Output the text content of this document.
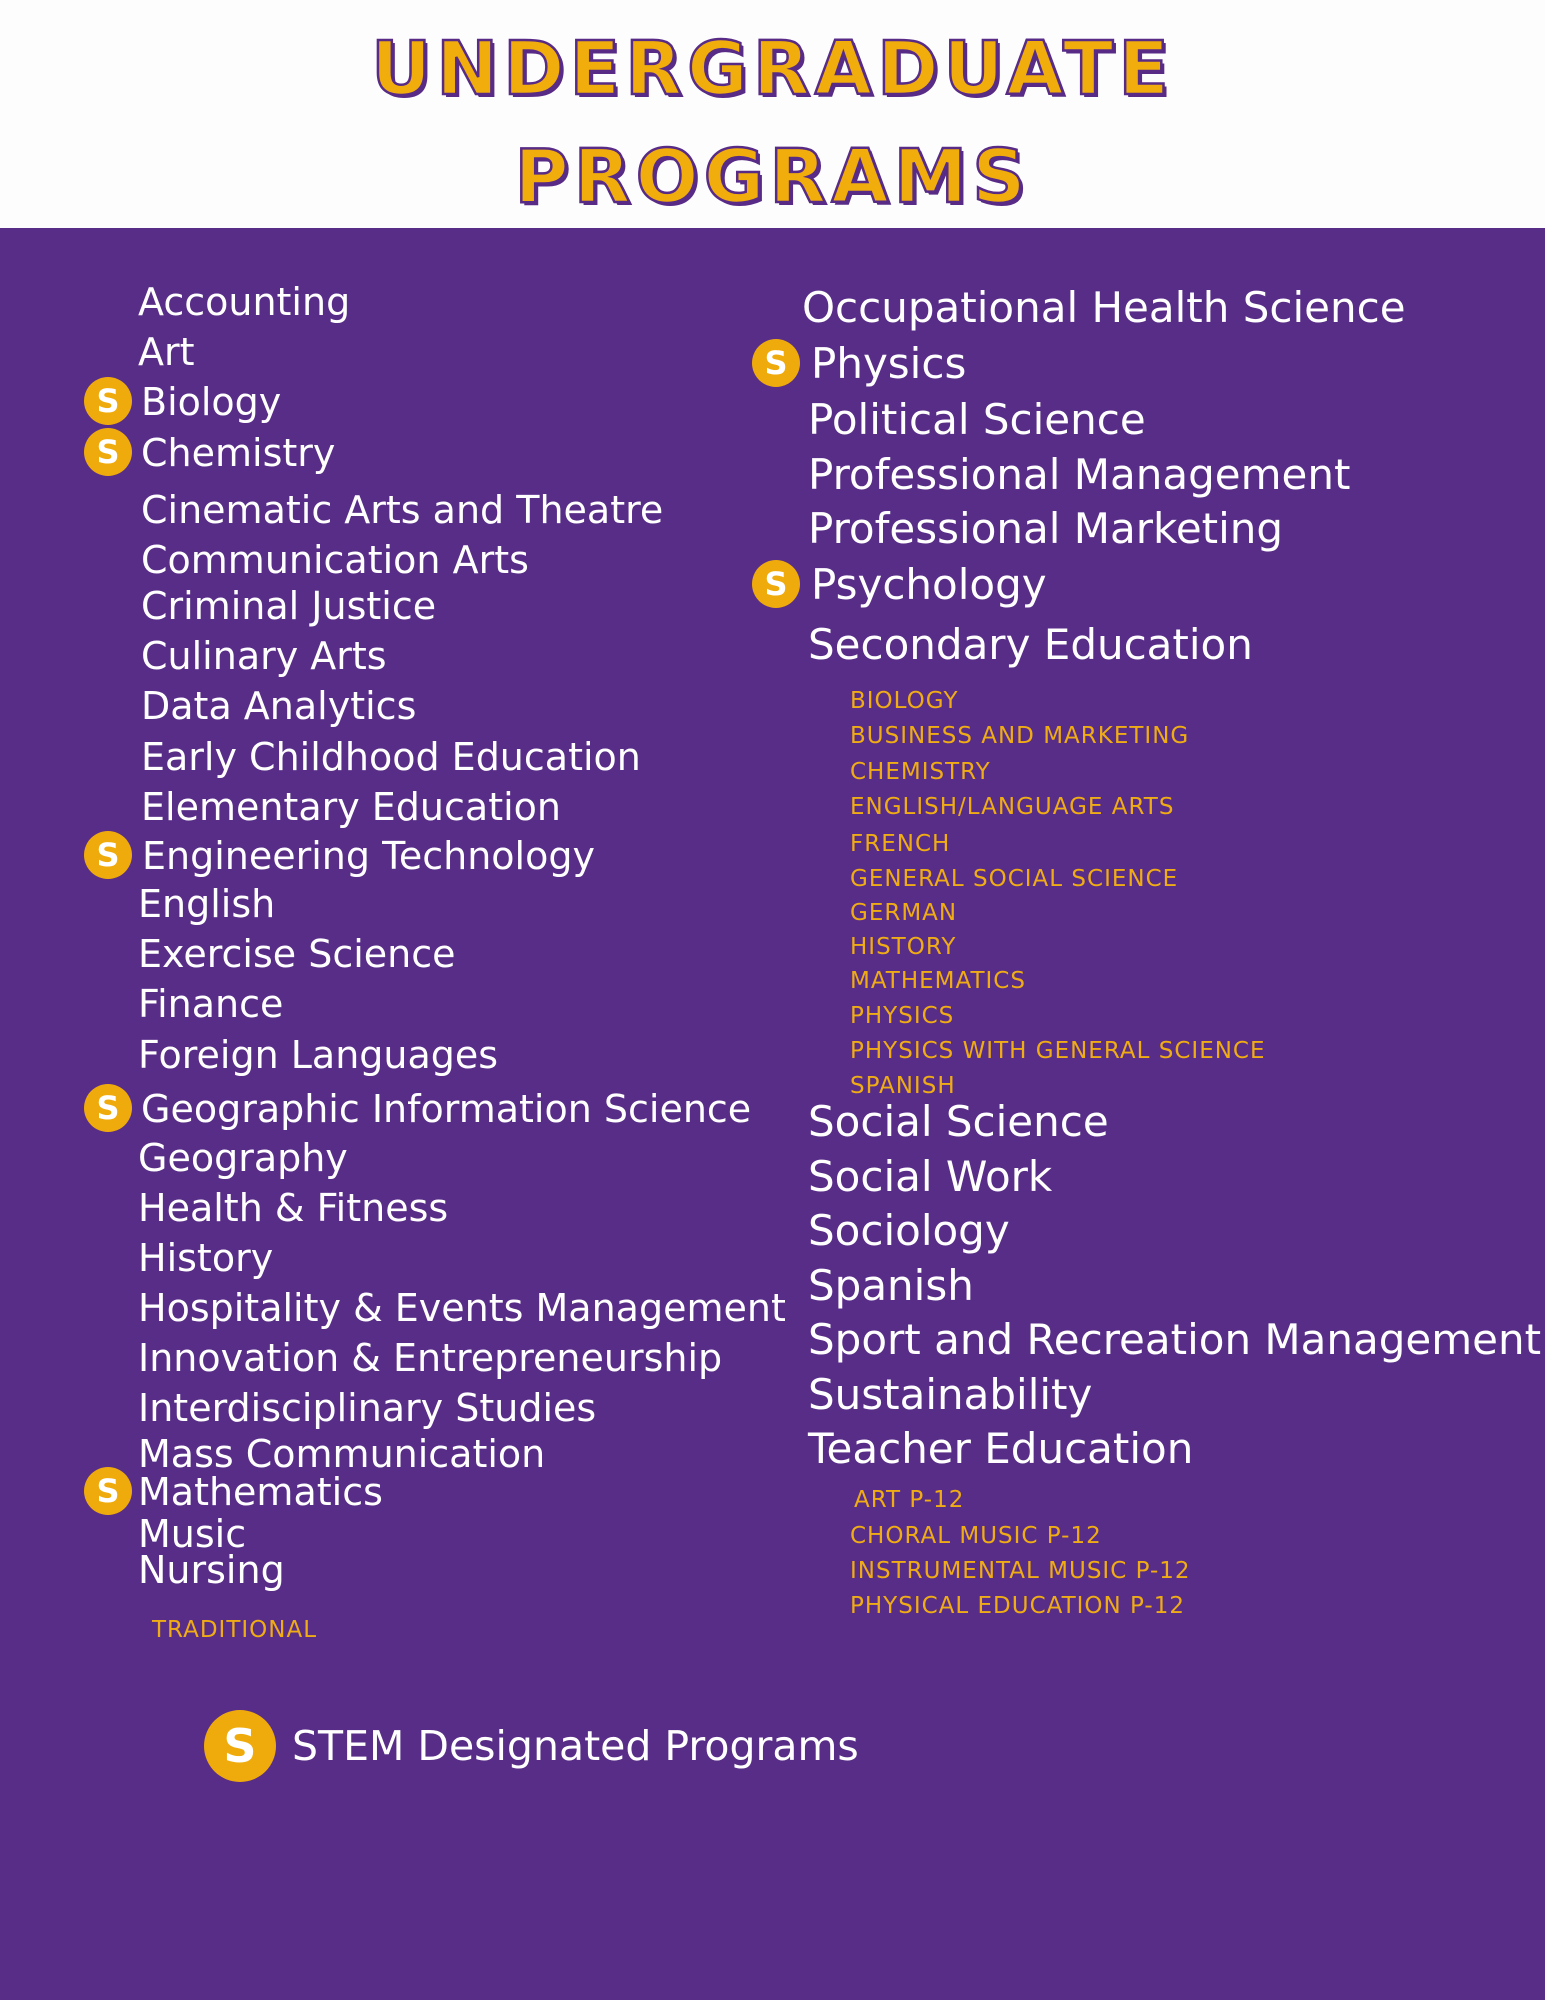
UNDERGRADUATE
PROGRAMS
Accounting
Art
Biology
S
Chemistry
S
Cinematic Arts and Theatre
Communication Arts
Criminal Justice
Culinary Arts
Data Analytics
Early Childhood Education
Elementary Education
Engineering Technology
S
English
Exercise Science
Finance
Foreign Languages
Geographic Information Science
S
Geography
Health & Fitness
History
Hospitality & Events Management
Innovation & Entrepreneurship
Interdisciplinary Studies
Mass Communication
Mathematics
S
Music
Nursing
TRADITIONAL
Occupational Health Science
Physics
S
Political Science
Professional Management
Professional Marketing
Psychology
S
Secondary Education
BIOLOGY
BUSINESS AND MARKETING
CHEMISTRY
ENGLISH/LANGUAGE ARTS
FRENCH
GENERAL SOCIAL SCIENCE
GERMAN
HISTORY
MATHEMATICS
PHYSICS
PHYSICS WITH GENERAL SCIENCE
SPANISH
Social Science
Social Work
Sociology
Spanish
Sport and Recreation Management
Sustainability
Teacher Education
ART P-12
CHORAL MUSIC P-12
INSTRUMENTAL MUSIC P-12
PHYSICAL EDUCATION P-12
S STEM Designated Programs
